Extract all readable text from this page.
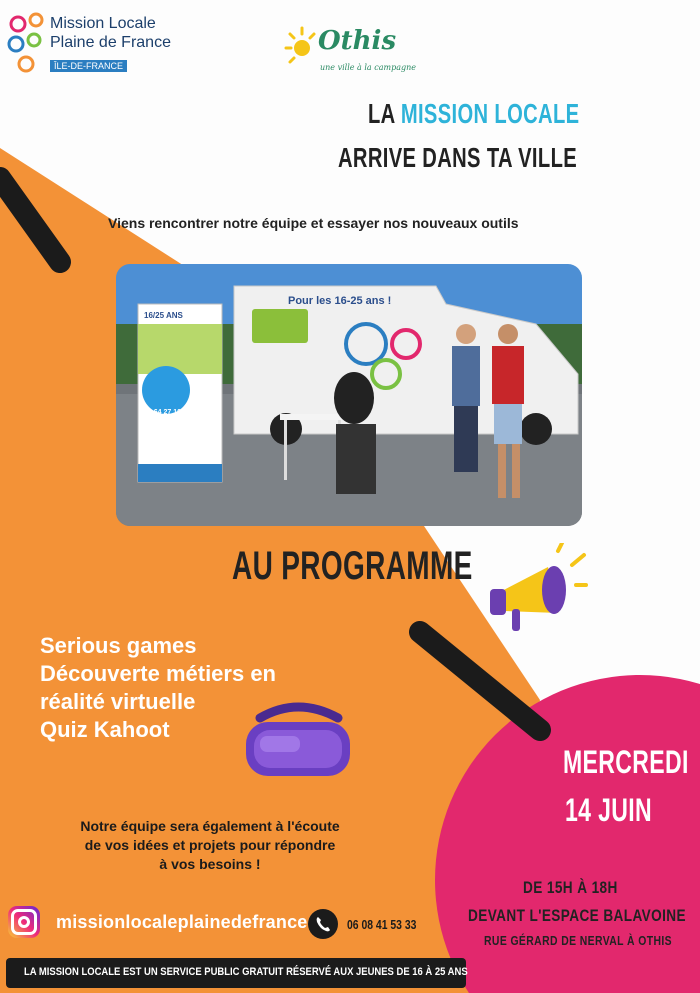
Mission Locale
Plaine de France
ÎLE-DE-FRANCE
Othis
une ville à la campagne
LA MISSION LOCALE
ARRIVE DANS TA VILLE
Viens rencontrer notre équipe et essayer nos nouveaux outils
Pour les 16-25 ans !
16/25 ANS
01 64 27 16 16
AU PROGRAMME
Serious games
Découverte métiers en
réalité virtuelle
Quiz Kahoot
Notre équipe sera également à l'écoute
de vos idées et projets pour répondre
à vos besoins !
MERCREDI
14 JUIN
DE 15H À 18H
DEVANT L'ESPACE BALAVOINE
RUE GÉRARD DE NERVAL À OTHIS
missionlocaleplainedefrance	06 08 41 53 33
LA MISSION LOCALE EST UN SERVICE PUBLIC GRATUIT RÉSERVÉ AUX JEUNES DE 16 À 25 ANS
